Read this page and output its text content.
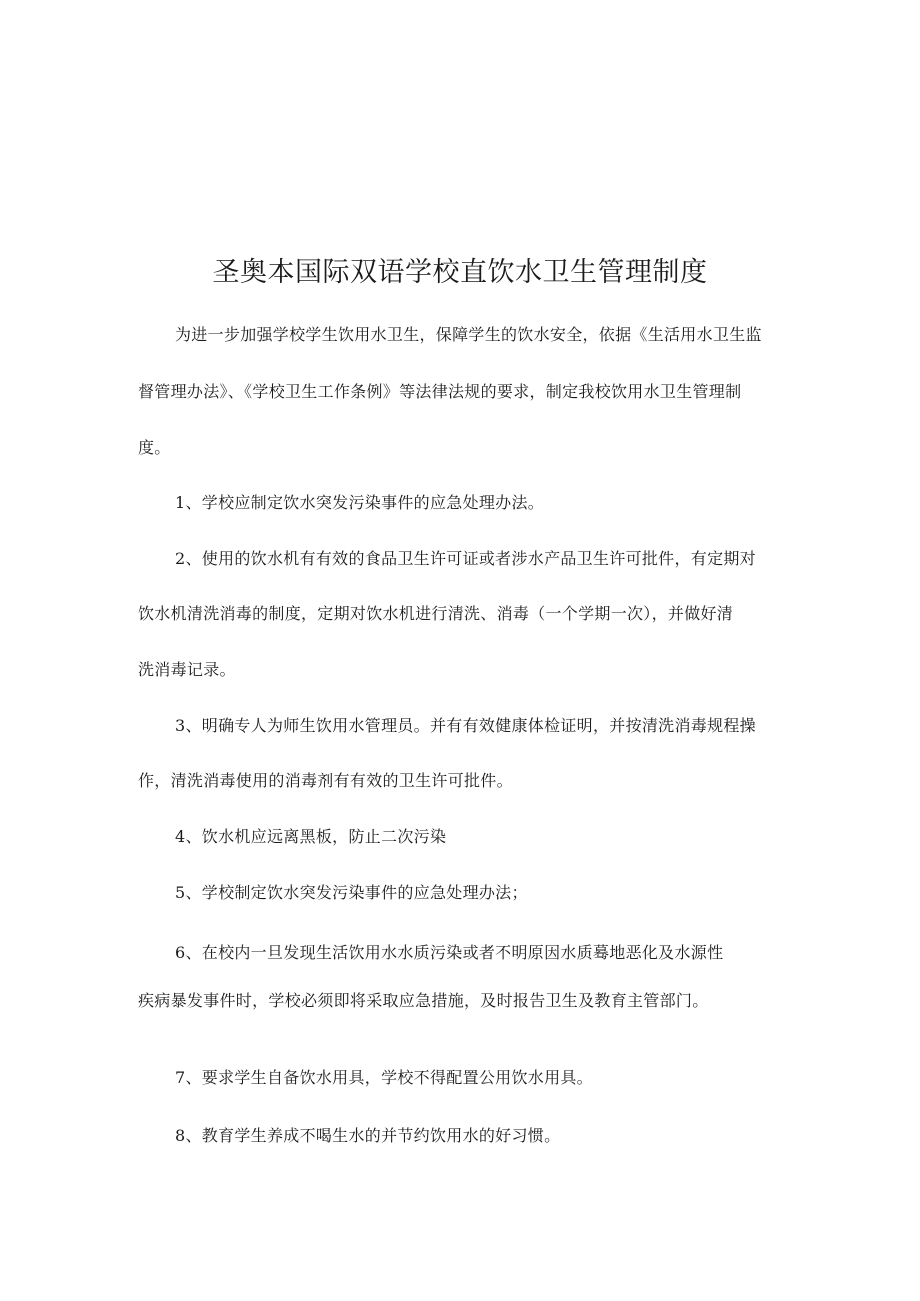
圣奥本国际双语学校直饮水卫生管理制度

为进一步加强学校学生饮用水卫生，保障学生的饮水安全，依据《生活用水卫生监

督管理办法》、《学校卫生工作条例》等法律法规的要求，制定我校饮用水卫生管理制

度。

1、学校应制定饮水突发污染事件的应急处理办法。

2、使用的饮水机有有效的食品卫生许可证或者涉水产品卫生许可批件，有定期对

饮水机清洗消毒的制度，定期对饮水机进行清洗、消毒（一个学期一次），并做好清

洗消毒记录。

3、明确专人为师生饮用水管理员。并有有效健康体检证明，并按清洗消毒规程操

作，清洗消毒使用的消毒剂有有效的卫生许可批件。

4、饮水机应远离黑板，防止二次污染

5、学校制定饮水突发污染事件的应急处理办法；

6、在校内一旦发现生活饮用水水质污染或者不明原因水质蓦地恶化及水源性

疾病暴发事件时，学校必须即将采取应急措施，及时报告卫生及教育主管部门。

7、要求学生自备饮水用具，学校不得配置公用饮水用具。

8、教育学生养成不喝生水的并节约饮用水的好习惯。
